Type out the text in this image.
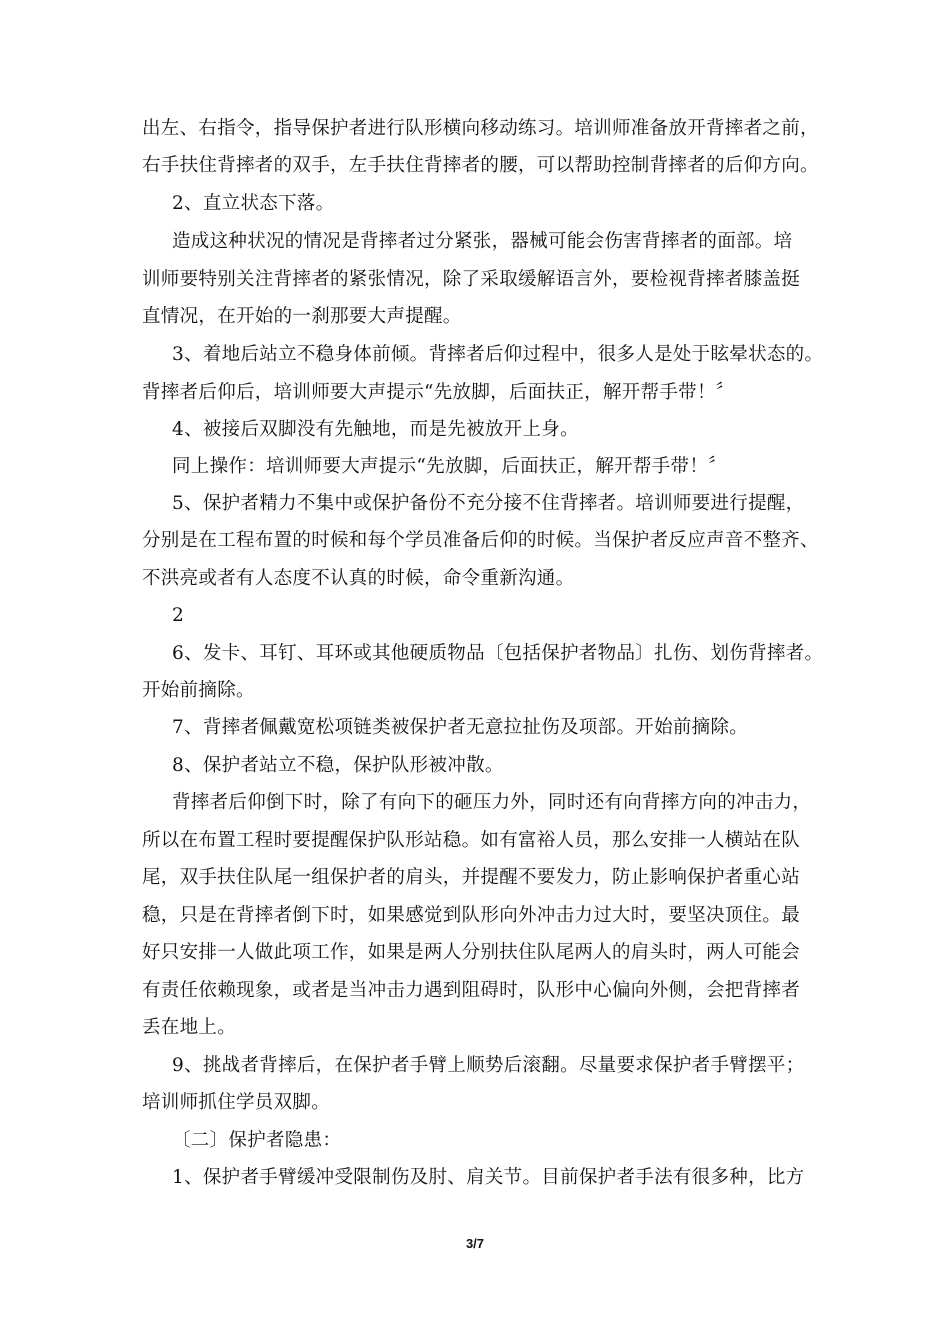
出左、右指令，指导保护者进行队形横向移动练习。培训师准备放开背摔者之前，
右手扶住背摔者的双手，左手扶住背摔者的腰，可以帮助控制背摔者的后仰方向。
2、直立状态下落。
造成这种状况的情况是背摔者过分紧张，器械可能会伤害背摔者的面部。培
训师要特别关注背摔者的紧张情况，除了采取缓解语言外，要检视背摔者膝盖挺
直情况，在开始的一刹那要大声提醒。
3、着地后站立不稳身体前倾。背摔者后仰过程中，很多人是处于眩晕状态的。
背摔者后仰后，培训师要大声提示“先放脚，后面扶正，解开帮手带！〞
4、被接后双脚没有先触地，而是先被放开上身。
同上操作：培训师要大声提示“先放脚，后面扶正，解开帮手带！〞
5、保护者精力不集中或保护备份不充分接不住背摔者。培训师要进行提醒，
分别是在工程布置的时候和每个学员准备后仰的时候。当保护者反应声音不整齐、
不洪亮或者有人态度不认真的时候，命令重新沟通。
2
6、发卡、耳钉、耳环或其他硬质物品〔包括保护者物品〕扎伤、划伤背摔者。
开始前摘除。
7、背摔者佩戴宽松项链类被保护者无意拉扯伤及项部。开始前摘除。
8、保护者站立不稳，保护队形被冲散。
背摔者后仰倒下时，除了有向下的砸压力外，同时还有向背摔方向的冲击力，
所以在布置工程时要提醒保护队形站稳。如有富裕人员，那么安排一人横站在队
尾，双手扶住队尾一组保护者的肩头，并提醒不要发力，防止影响保护者重心站
稳，只是在背摔者倒下时，如果感觉到队形向外冲击力过大时，要坚决顶住。最
好只安排一人做此项工作，如果是两人分别扶住队尾两人的肩头时，两人可能会
有责任依赖现象，或者是当冲击力遇到阻碍时，队形中心偏向外侧，会把背摔者
丢在地上。
9、挑战者背摔后，在保护者手臂上顺势后滚翻。尽量要求保护者手臂摆平；
培训师抓住学员双脚。
〔二〕保护者隐患：
1、保护者手臂缓冲受限制伤及肘、肩关节。目前保护者手法有很多种，比方
3/7
